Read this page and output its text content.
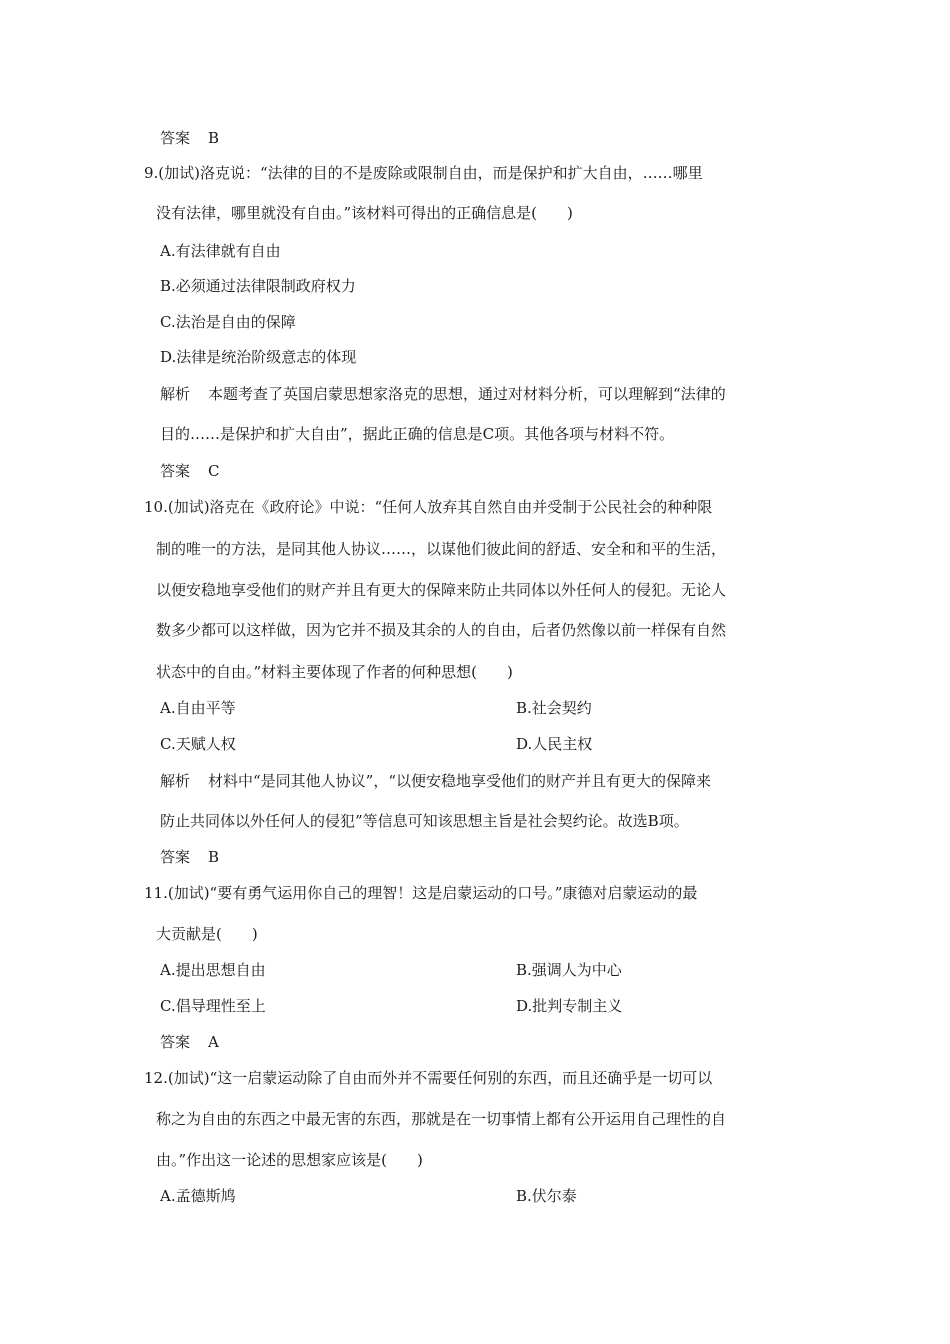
答案 B
9.(加试)洛克说：“法律的目的不是废除或限制自由，而是保护和扩大自由，……哪里
没有法律，哪里就没有自由。”该材料可得出的正确信息是(　　)
A.有法律就有自由
B.必须通过法律限制政府权力
C.法治是自由的保障
D.法律是统治阶级意志的体现
解析 本题考查了英国启蒙思想家洛克的思想，通过对材料分析，可以理解到“法律的
目的……是保护和扩大自由”，据此正确的信息是C项。其他各项与材料不符。
答案 C
10.(加试)洛克在《政府论》中说：“任何人放弃其自然自由并受制于公民社会的种种限
制的唯一的方法，是同其他人协议……，以谋他们彼此间的舒适、安全和和平的生活，
以便安稳地享受他们的财产并且有更大的保障来防止共同体以外任何人的侵犯。无论人
数多少都可以这样做，因为它并不损及其余的人的自由，后者仍然像以前一样保有自然
状态中的自由。”材料主要体现了作者的何种思想(　　)
A.自由平等	B.社会契约
C.天赋人权	D.人民主权
解析 材料中“是同其他人协议”，“以便安稳地享受他们的财产并且有更大的保障来
防止共同体以外任何人的侵犯”等信息可知该思想主旨是社会契约论。故选B项。
答案 B
11.(加试)“要有勇气运用你自己的理智！这是启蒙运动的口号。”康德对启蒙运动的最
大贡献是(　　)
A.提出思想自由	B.强调人为中心
C.倡导理性至上	D.批判专制主义
答案 A
12.(加试)“这一启蒙运动除了自由而外并不需要任何别的东西，而且还确乎是一切可以
称之为自由的东西之中最无害的东西，那就是在一切事情上都有公开运用自己理性的自
由。”作出这一论述的思想家应该是(　　)
A.孟德斯鸠	B.伏尔泰
